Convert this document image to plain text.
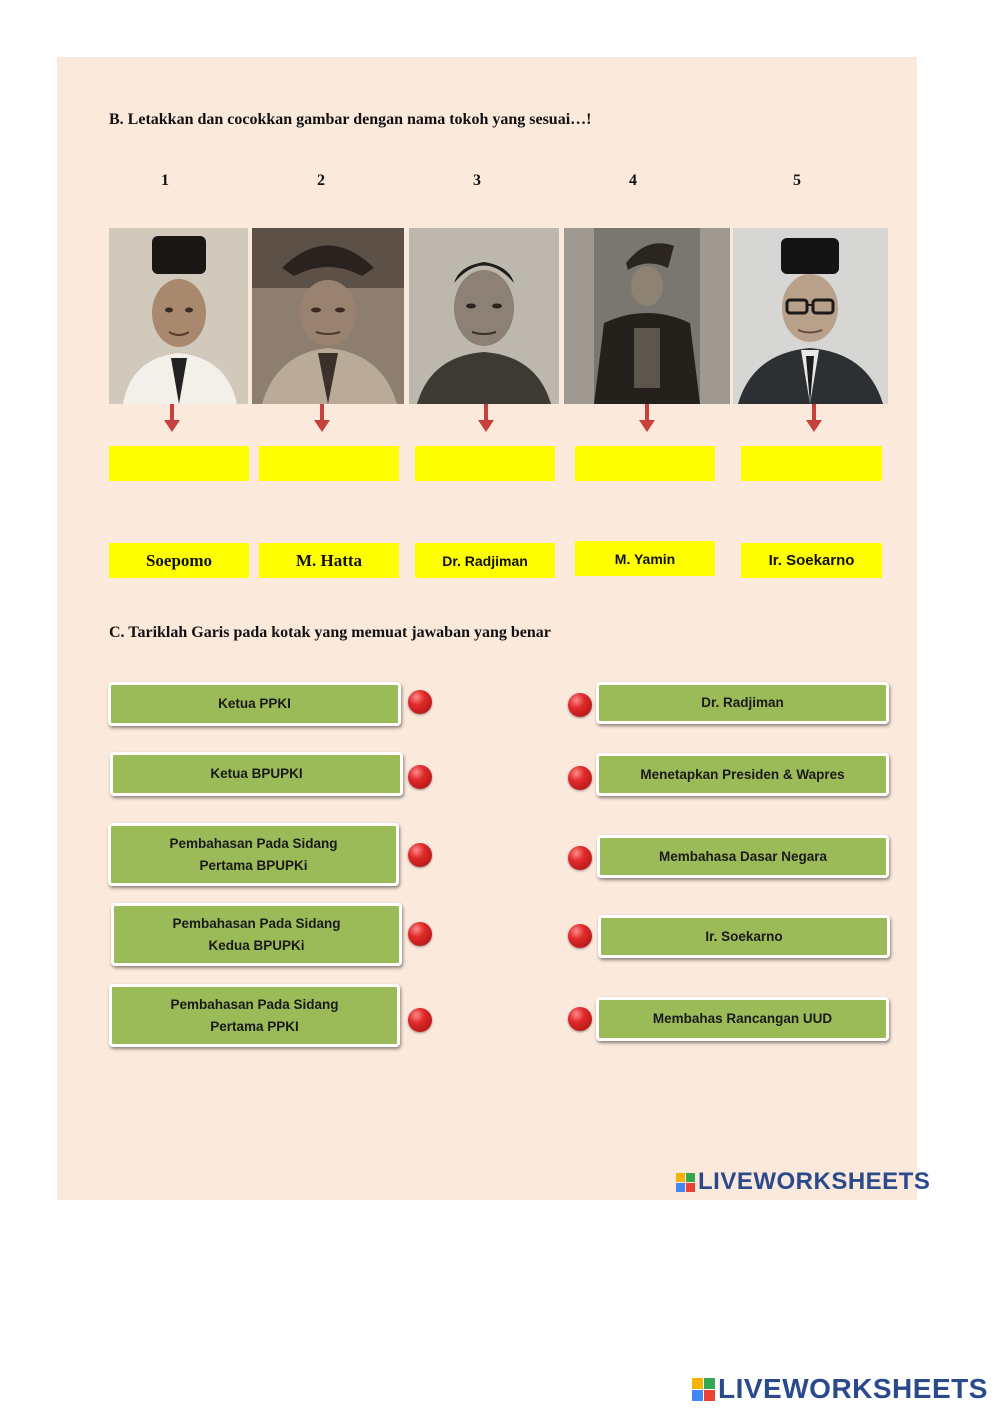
B. Letakkan dan cocokkan gambar dengan nama tokoh yang sesuai…!
1	2	3	4	5
Soepomo	M. Hatta	Dr. Radjiman	M. Yamin	Ir. Soekarno
C. Tariklah Garis pada kotak yang memuat jawaban yang benar
Ketua PPKI
Ketua BPUPKI
Pembahasan Pada Sidang
Pertama BPUPKi
Pembahasan Pada Sidang
Kedua BPUPKi
Pembahasan Pada Sidang
Pertama PPKI
Dr. Radjiman
Menetapkan Presiden & Wapres
Membahasa Dasar Negara
Ir. Soekarno
Membahas Rancangan UUD
LIVEWORKSHEETS
LIVEWORKSHEETS
